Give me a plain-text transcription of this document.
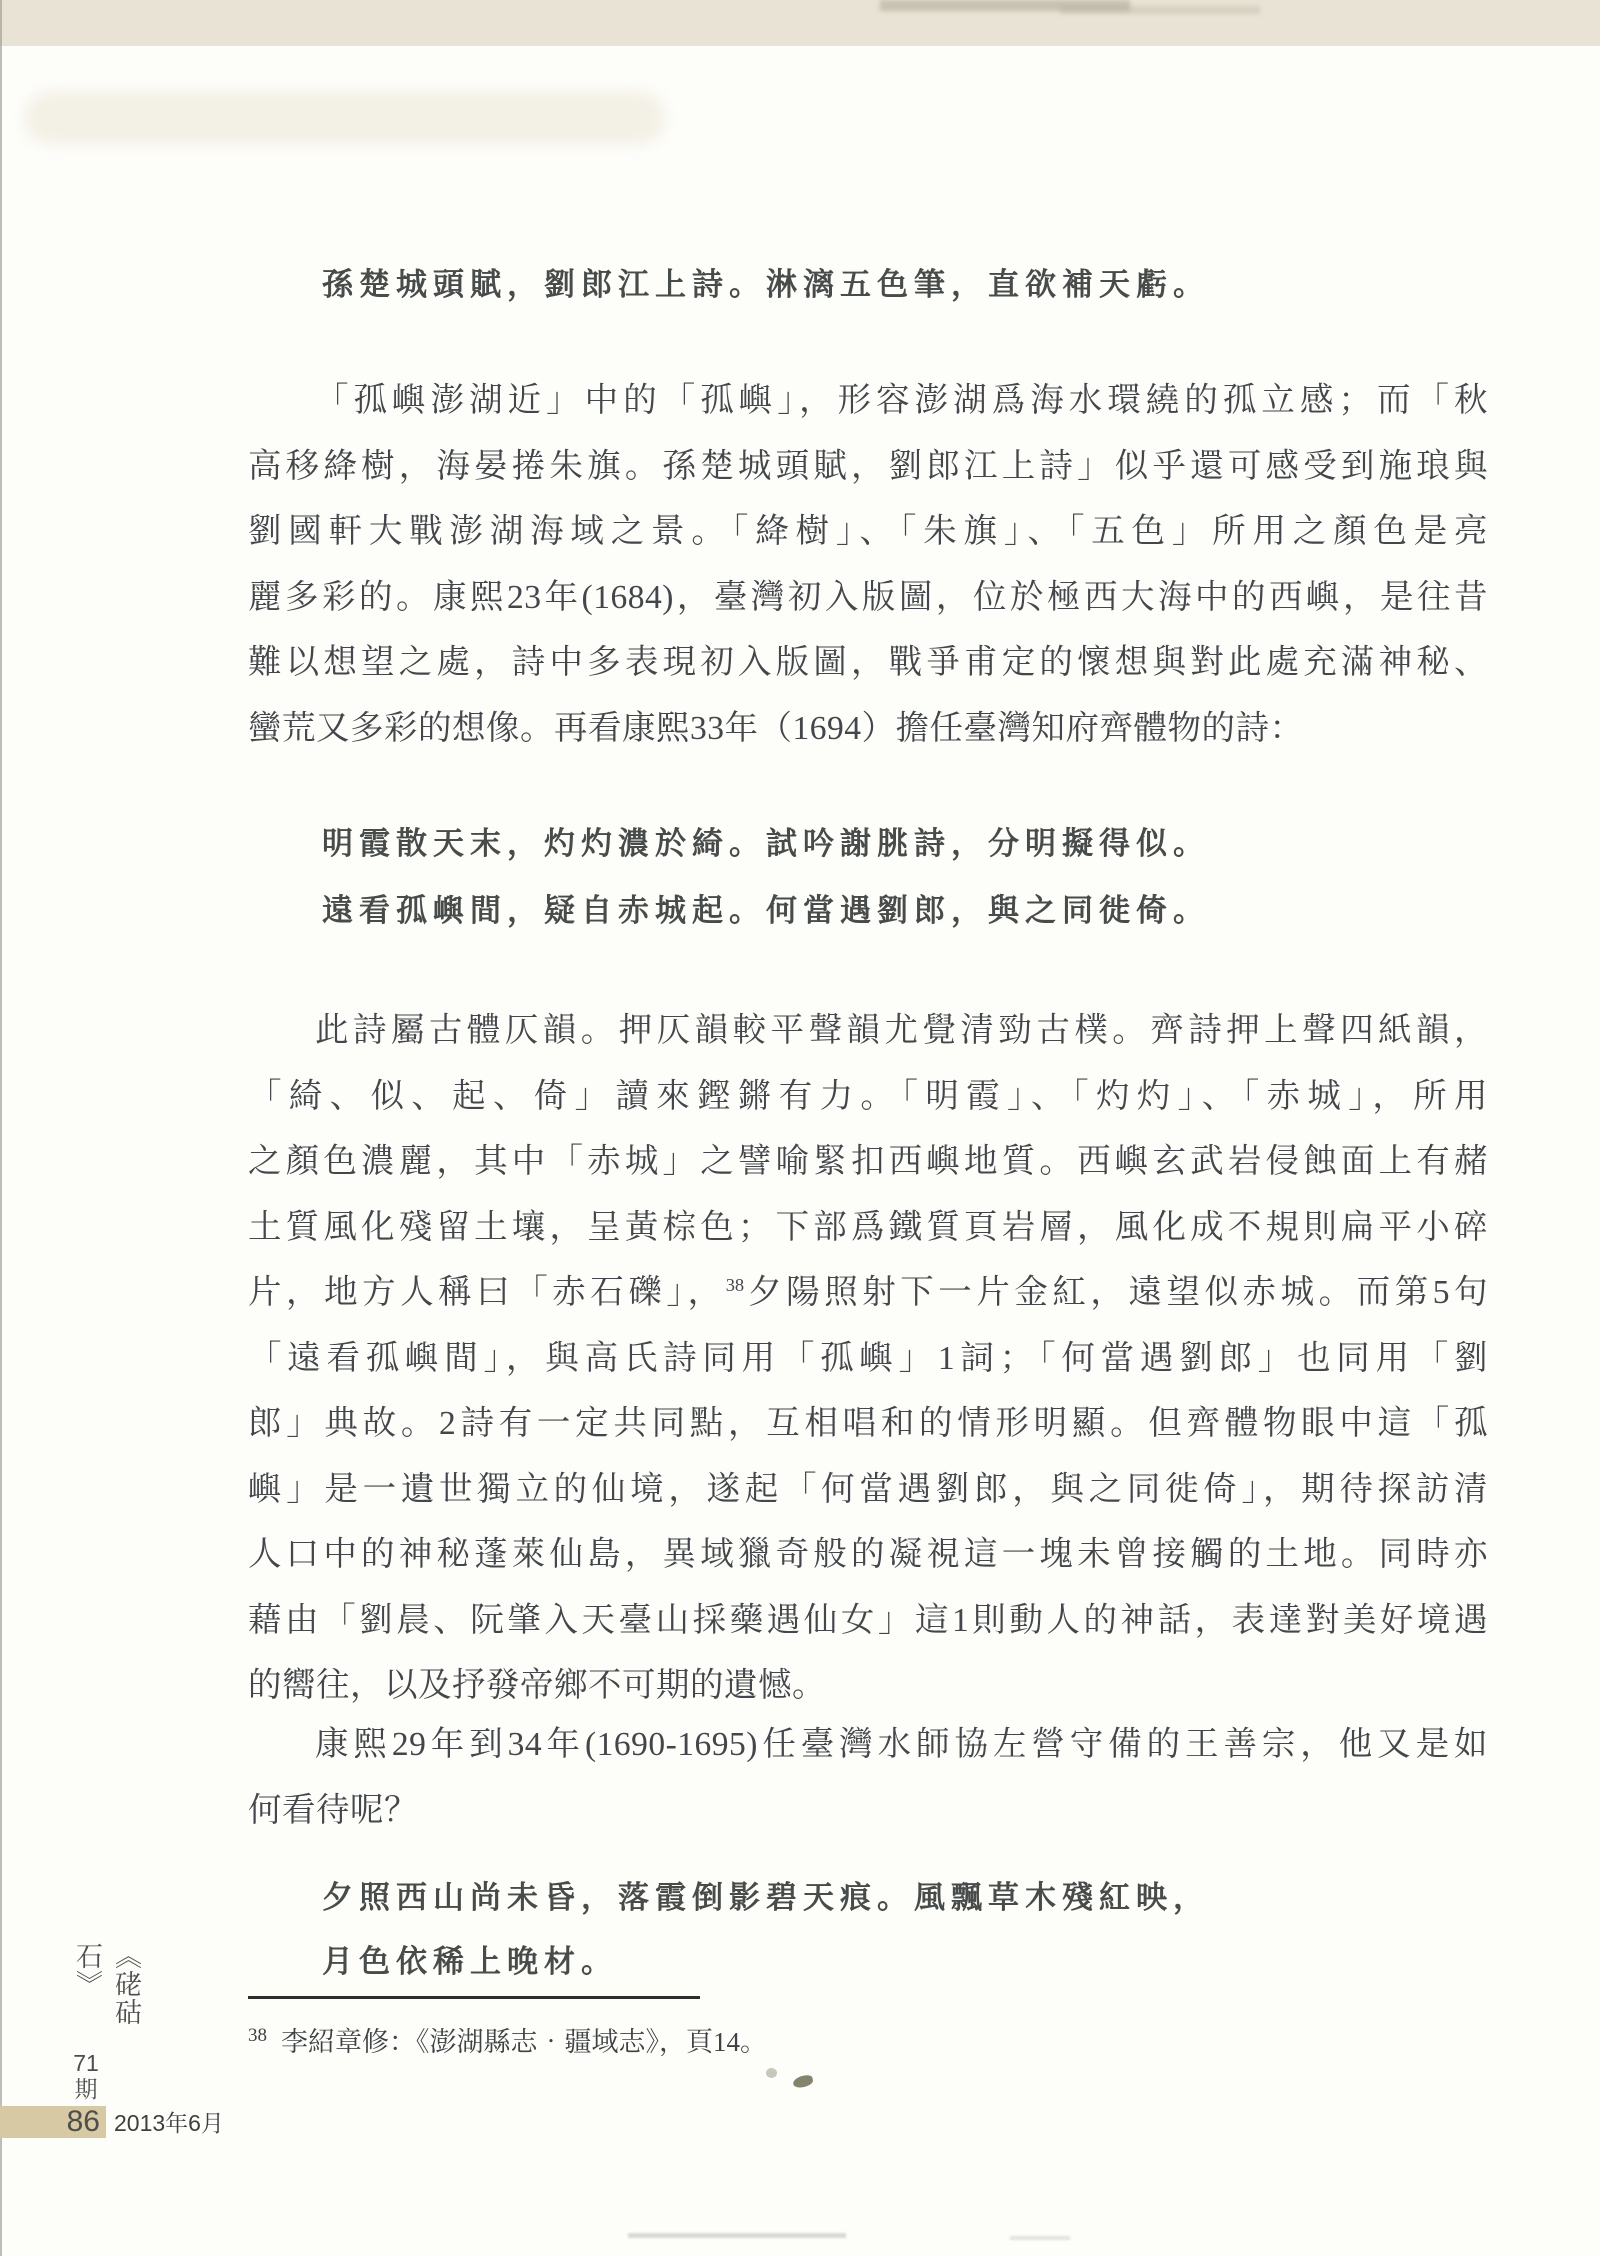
孫楚城頭賦，劉郎江上詩。淋漓五色筆，直欲補天虧。
「孤嶼澎湖近」中的「孤嶼」，形容澎湖爲海水環繞的孤立感；而「秋
高移絳樹，海晏捲朱旗。孫楚城頭賦，劉郎江上詩」似乎還可感受到施琅與
劉國軒大戰澎湖海域之景。「絳樹」、「朱旗」、「五色」所用之顏色是亮
麗多彩的。康熙23年(1684)，臺灣初入版圖，位於極西大海中的西嶼，是往昔
難以想望之處，詩中多表現初入版圖，戰爭甫定的懷想與對此處充滿神秘、
蠻荒又多彩的想像。再看康熙33年（1694）擔任臺灣知府齊體物的詩：
明霞散天末，灼灼濃於綺。試吟謝朓詩，分明擬得似。
遠看孤嶼間，疑自赤城起。何當遇劉郎，與之同徙倚。
此詩屬古體仄韻。押仄韻較平聲韻尤覺清勁古樸。齊詩押上聲四紙韻，
「綺、似、起、倚」讀來鏗鏘有力。「明霞」、「灼灼」、「赤城」，所用
之顏色濃麗，其中「赤城」之譬喻緊扣西嶼地質。西嶼玄武岩侵蝕面上有赭
土質風化殘留土壤，呈黃棕色；下部爲鐵質頁岩層，風化成不規則扁平小碎
片，地方人稱曰「赤石礫」，$^{38}$夕陽照射下一片金紅，遠望似赤城。而第5句
「遠看孤嶼間」，與高氏詩同用「孤嶼」1詞；「何當遇劉郎」也同用「劉
郎」典故。2詩有一定共同點，互相唱和的情形明顯。但齊體物眼中這「孤
嶼」是一遺世獨立的仙境，遂起「何當遇劉郎，與之同徙倚」，期待探訪清
人口中的神秘蓬萊仙島，異域獵奇般的凝視這一塊未曾接觸的土地。同時亦
藉由「劉晨、阮肇入天臺山採藥遇仙女」這1則動人的神話，表達對美好境遇
的嚮往，以及抒發帝鄉不可期的遺憾。
康熙29年到34年(1690-1695)任臺灣水師協左營守備的王善宗，他又是如
何看待呢？
夕照西山尚未昏，落霞倒影碧天痕。風飄草木殘紅映，
月色依稀上晚材。
$^{38}$ 李紹章修：《澎湖縣志‧疆域志》，頁14。
《硓𥑮石》
71期
86 2013年6月
